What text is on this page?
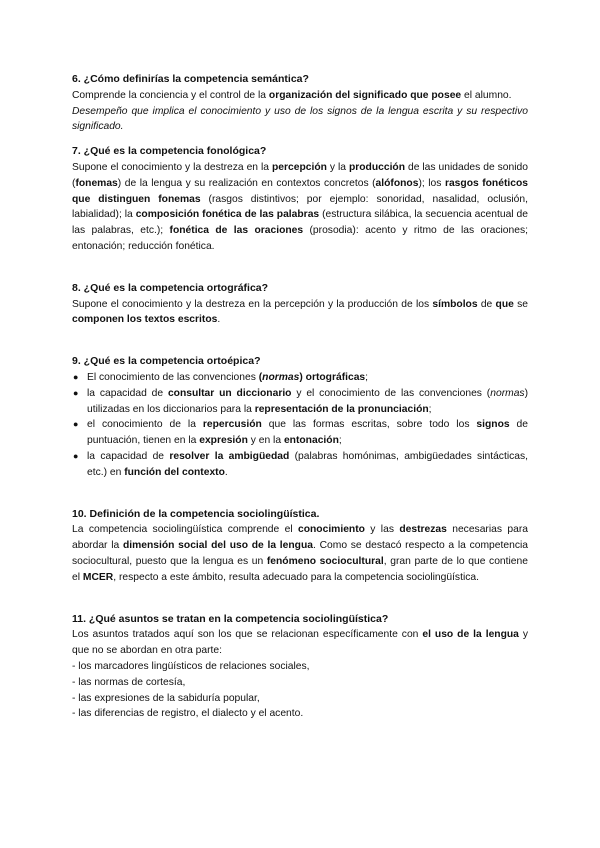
6. ¿Cómo definirías la competencia semántica?

Comprende la conciencia y el control de la organización del significado que posee el alumno.

Desempeño que implica el conocimiento y uso de los signos de la lengua escrita y su respectivo significado.

7. ¿Qué es la competencia fonológica?

Supone el conocimiento y la destreza en la percepción y la producción de las unidades de sonido (fonemas) de la lengua y su realización en contextos concretos (alófonos); los rasgos fonéticos que distinguen fonemas (rasgos distintivos; por ejemplo: sonoridad, nasalidad, oclusión, labialidad); la composición fonética de las palabras (estructura silábica, la secuencia acentual de las palabras, etc.); fonética de las oraciones (prosodia): acento y ritmo de las oraciones; entonación; reducción fonética.

8. ¿Qué es la competencia ortográfica?

Supone el conocimiento y la destreza en la percepción y la producción de los símbolos de que se componen los textos escritos.

9. ¿Qué es la competencia ortoépica?
● El conocimiento de las convenciones (normas) ortográficas;
● la capacidad de consultar un diccionario y el conocimiento de las convenciones (normas) utilizadas en los diccionarios para la representación de la pronunciación;
● el conocimiento de la repercusión que las formas escritas, sobre todo los signos de puntuación, tienen en la expresión y en la entonación;
● la capacidad de resolver la ambigüedad (palabras homónimas, ambigüedades sintácticas, etc.) en función del contexto.
10. Definición de la competencia sociolingüística.

La competencia sociolingüística comprende el conocimiento y las destrezas necesarias para abordar la dimensión social del uso de la lengua. Como se destacó respecto a la competencia sociocultural, puesto que la lengua es un fenómeno sociocultural, gran parte de lo que contiene el MCER, respecto a este ámbito, resulta adecuado para la competencia sociolingüística.

11. ¿Qué asuntos se tratan en la competencia sociolingüística?

Los asuntos tratados aquí son los que se relacionan específicamente con el uso de la lengua y que no se abordan en otra parte:

- los marcadores lingüísticos de relaciones sociales,
- las normas de cortesía,
- las expresiones de la sabiduría popular,
- las diferencias de registro, el dialecto y el acento.
